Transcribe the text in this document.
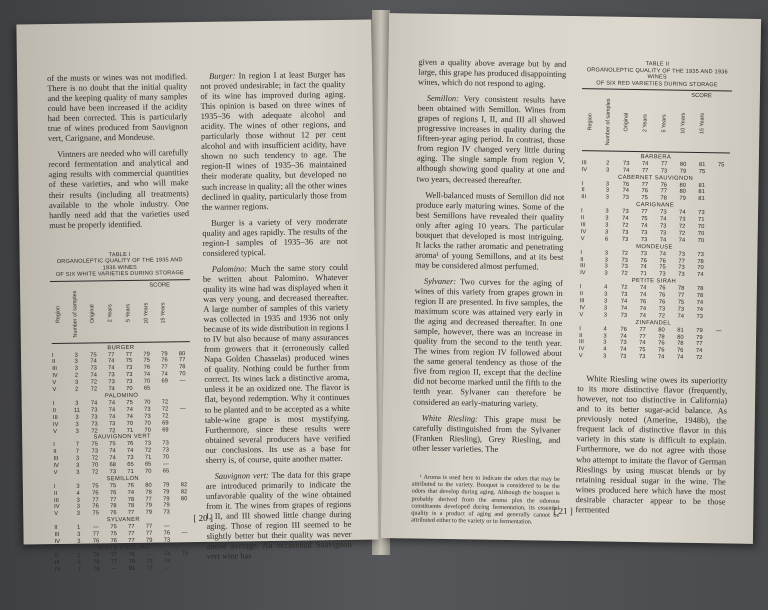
of the musts or wines was not modified. There is no doubt that the initial quality and the keeping quality of many samples could have been increased if the acidity had been corrected. This is particularly true of wines produced from Sauvignon vert, Carignane, and Mondeuse.

Vintners are needed who will carefully record fermentation and analytical and aging results with commercial quantities of these varieties, and who will make their results (including all treatments) available to the whole industry. One hardly need add that the varieties used must be properly identified.

TABLE I
ORGANOLEPTIC QUALITY OF THE 1935 AND 1936 WINES
OF SIX WHITE VARIETIES DURING STORAGE
SCORE							
Region	Number of samples	Original	2 Years	5 Years	10 Years	15 Years	

BURGER							
I	3	75	77	77	79	79	80
II	3	74	74	75	75	76	77
III	3	73	74	73	76	77	78
IV	2	74	73	73	74	74	70
V	3	72	73	73	70	69	—
V	2	72	74	70	65		
PALOMINO							
I	3	74	74	75	70	72	
II	11	73	74	74	73	72	—
III	3	73	74	74	73	72	
IV	3	73	73	70	70	69	
V	3	72	72	71	70	69	
SAUVIGNON VERT							
I	7	75	75	76	73	73	
II	7	73	74	74	72	73	
III	3	72	74	73	71	70	
IV	3	70	68	65	65	—	
V	3	72	73	71	70	65	
SEMILLON							
I	3	75	75	76	80	79	82
II	4	76	76	74	78	79	82
III	3	77	77	78	77	79	80
IV	3	76	78	78	79	79	
V	3	75	76	77	79	73	
SYLVANER							
II	1	—	75	77	77	—	
III	3	77	75	77	77	76	—
IV	3	76	76	77	79	73	
WHITE RIESLING							
II	1	76	77	78	—	74	74
III	3	76	77	78	73	74	
IV	1	78	—	81	77	—	

Burger: In region I at least Burger has not proved undesirable; in fact the quality of its wine has improved during aging. This opinion is based on three wines of 1935–36 with adequate alcohol and acidity. The wines of other regions, and particularly those without 12 per cent alcohol and with insufficient acidity, have shown no such tendency to age. The region-II wines of 1935–36 maintained their moderate quality, but developed no such increase in quality; all the other wines declined in quality, particularly those from the warmer regions.

Burger is a variety of very moderate quality and ages rapidly. The results of the region-I samples of 1935–36 are not considered typical.

Palomino: Much the same story could be written about Palomino. Whatever quality its wine had was displayed when it was very young, and decreased thereafter. A large number of samples of this variety was collected in 1935 and 1936 not only because of its wide distribution in regions I to IV but also because of many assurances from growers that it (erroneously called Napa Golden Chasselas) produced wines of quality. Nothing could be further from correct. Its wines lack a distinctive aroma, unless it be an oxidized one. The flavor is flat, beyond redemption. Why it continues to be planted and to be accepted as a white table-wine grape is most mystifying. Furthermore, since these results were obtained several producers have verified our conclusions. Its use as a base for sherry is, of course, quite another matter.

Sauvignon vert: The data for this grape are introduced primarily to indicate the unfavorable quality of the wine obtained from it. The wines from grapes of regions I, II, and III showed little change during aging. Those of region III seemed to be slightly better but their quality was never above average. An occasional Sauvignon vert wine has

[ 20 ]

given a quality above average but by and large, this grape has produced disappointing wines, which do not respond to aging.

Semillon: Very consistent results have been obtained with Semillon. Wines from grapes of regions I, II, and III all showed progressive increases in quality during the fifteen-year aging period. In contrast, those from region IV changed very little during aging. The single sample from region V, although showing good quality at one and two years, decreased thereafter.

Well-balanced musts of Semillon did not produce early maturing wines. Some of the best Semillons have revealed their quality only after aging 10 years. The particular bouquet that developed is most intriguing. It lacks the rather aromatic and penetrating aroma¹ of young Semillons, and at its best may be considered almost perfumed.

Sylvaner: Two curves for the aging of wines of this variety from grapes grown in region II are presented. In five samples, the maximum score was attained very early in the aging and decreased thereafter. In one sample, however, there was an increase in quality from the second to the tenth year. The wines from region IV followed about the same general tendency as those of the five from region II, except that the decline did not become marked until the fifth to the tenth year. Sylvaner can therefore be considered an early-maturing variety.

White Riesling: This grape must be carefully distinguished from the Sylvaner (Franken Riesling), Grey Riesling, and other lesser varieties. The

¹ Aroma is used here to indicate the odors that may be attributed to the variety. Bouquet is considered to be the odors that develop during aging. Although the bouquet is probably derived from the aroma plus the odorous constituents developed during fermentation, its essential quality is a product of aging and generally cannot be attributed either to the variety or to fermentation.
TABLE II
ORGANOLEPTIC QUALITY OF THE 1935 AND 1936 WINES
OF SIX RED VARIETIES DURING STORAGE
SCORE							
Region	Number of samples	Original	2 Years	5 Years	10 Years	15 Years	

BARBERA							
III	2	73	74	77	80	81	75
IV	3	74	77	73	79	75	
CABERNET SAUVIGNON							
I	3	76	77	76	80	81	
II	3	74	76	77	80	81	
III	3	73	75	78	79	81	
CARIGNANE							
I	3	73	77	73	74	73	
II	3	74	75	74	73	71	
III	3	72	74	73	72	70	
IV	3	73	73	73	72	70	
V	6	73	73	74	74	70	
MONDEUSE							
I	3	72	73	74	73	73	
II	3	73	76	76	77	78	
III	3	73	74	75	73	70	
IV	3	72	71	73	73	74	
PETITE SIRAH							
I	4	72	74	76	78	78	
II	3	73	74	76	77	78	
III	3	74	76	76	75	74	
IV	3	74	74	73	73	74	
V	3	73	74	72	74	73	
ZINFANDEL							
I	4	76	77	80	81	79	—
II	3	74	77	78	80	79	
III	3	73	74	76	78	77	
IV	4	74	75	76	76	74	
V	3	73	73	74	74	72	

White Riesling wine owes its superiority to its more distinctive flavor (frequently, however, not too distinctive in California) and to its better sugar-acid balance. As previously noted (Amerine, 1948b), the frequent lack of distinctive flavor in this variety in this state is difficult to explain. Furthermore, we do not agree with those who attempt to imitate the flavor of German Rieslings by using muscat blends or by retaining residual sugar in the wine. The wines produced here which have the most desirable character appear to be those fermented

[ 21 ]
